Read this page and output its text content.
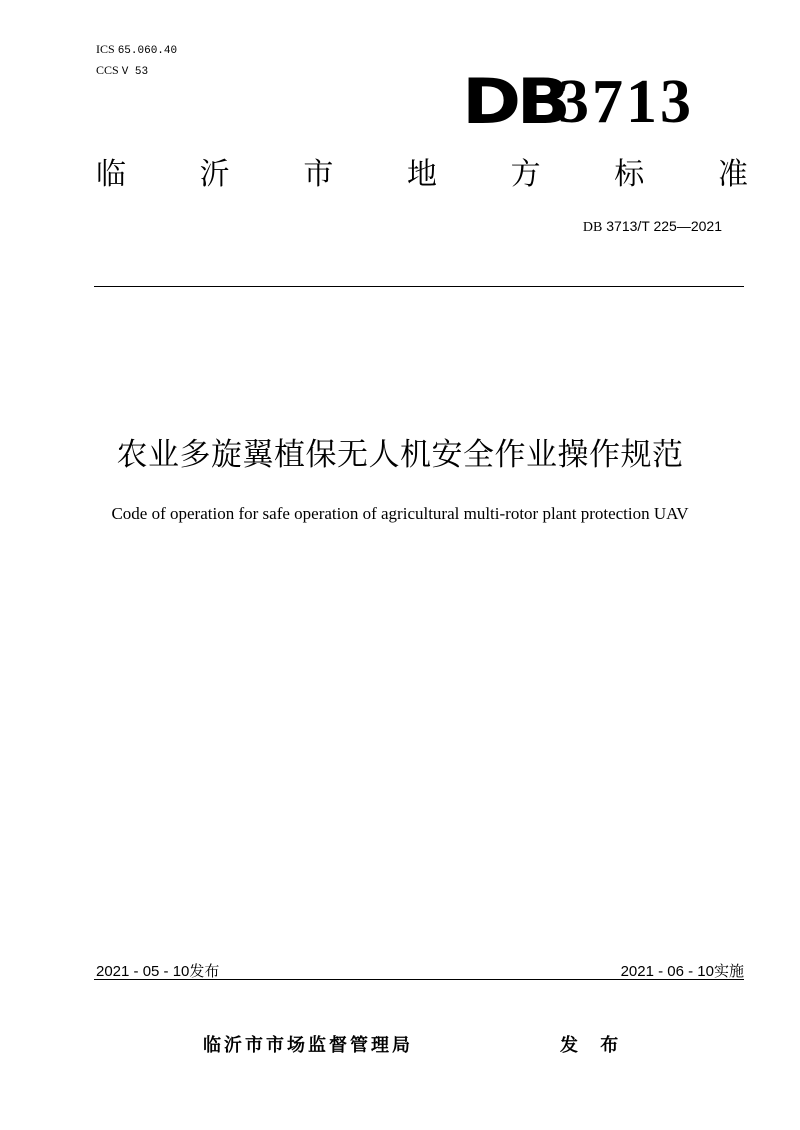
ICS 65.060.40
CCS V 53	DB
3713
临 沂 市 地 方 标 准
DB 3713/T 225—2021
农业多旋翼植保无人机安全作业操作规范
Code of operation for safe operation of agricultural multi-rotor plant protection UAV
2021 - 05 - 10发布	2021 - 06 - 10实施
临沂市市场监督管理局	发 布
